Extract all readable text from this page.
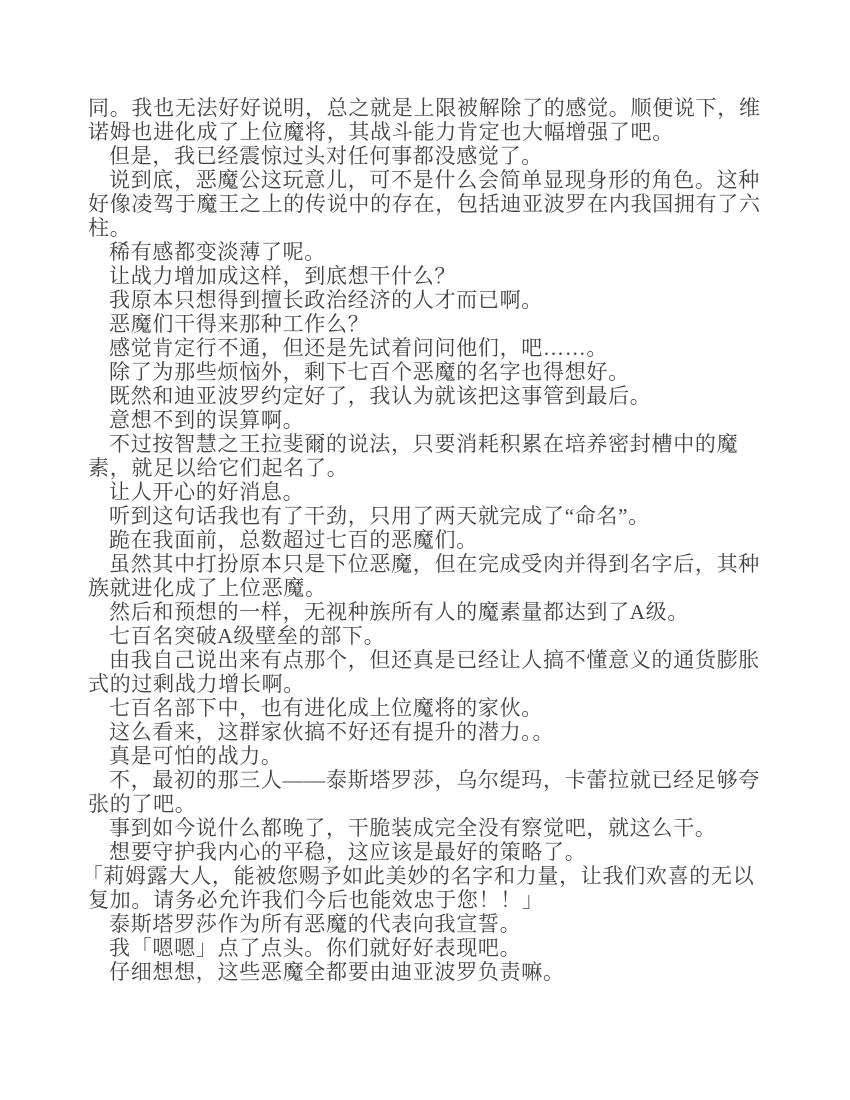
同。我也无法好好说明，总之就是上限被解除了的感觉。顺便说下，维诺姆也进化成了上位魔将，其战斗能力肯定也大幅增强了吧。

但是，我已经震惊过头对任何事都没感觉了。

说到底，恶魔公这玩意儿，可不是什么会简单显现身形的角色。这种好像凌驾于魔王之上的传说中的存在，包括迪亚波罗在内我国拥有了六柱。

稀有感都变淡薄了呢。

让战力增加成这样，到底想干什么？

我原本只想得到擅长政治经济的人才而已啊。

恶魔们干得来那种工作么？

感觉肯定行不通，但还是先试着问问他们，吧……。

除了为那些烦恼外，剩下七百个恶魔的名字也得想好。

既然和迪亚波罗约定好了，我认为就该把这事管到最后。

意想不到的误算啊。

不过按智慧之王拉斐爾的说法，只要消耗积累在培养密封槽中的魔素，就足以给它们起名了。

让人开心的好消息。

听到这句话我也有了干劲，只用了两天就完成了“命名”。

跪在我面前，总数超过七百的恶魔们。

虽然其中打扮原本只是下位恶魔，但在完成受肉并得到名字后，其种族就进化成了上位恶魔。

然后和预想的一样，无视种族所有人的魔素量都达到了A级。

七百名突破A级壁垒的部下。

由我自己说出来有点那个，但还真是已经让人搞不懂意义的通货膨胀式的过剩战力增长啊。

七百名部下中，也有进化成上位魔将的家伙。

这么看来，这群家伙搞不好还有提升的潜力。。

真是可怕的战力。

不，最初的那三人——泰斯塔罗莎，乌尔缇玛，卡蕾拉就已经足够夸张的了吧。

事到如今说什么都晚了，干脆装成完全没有察觉吧，就这么干。

想要守护我内心的平稳，这应该是最好的策略了。

「莉姆露大人，能被您赐予如此美妙的名字和力量，让我们欢喜的无以复加。请务必允许我们今后也能效忠于您！！」

泰斯塔罗莎作为所有恶魔的代表向我宣誓。

我「嗯嗯」点了点头。你们就好好表现吧。

仔细想想，这些恶魔全都要由迪亚波罗负责嘛。
